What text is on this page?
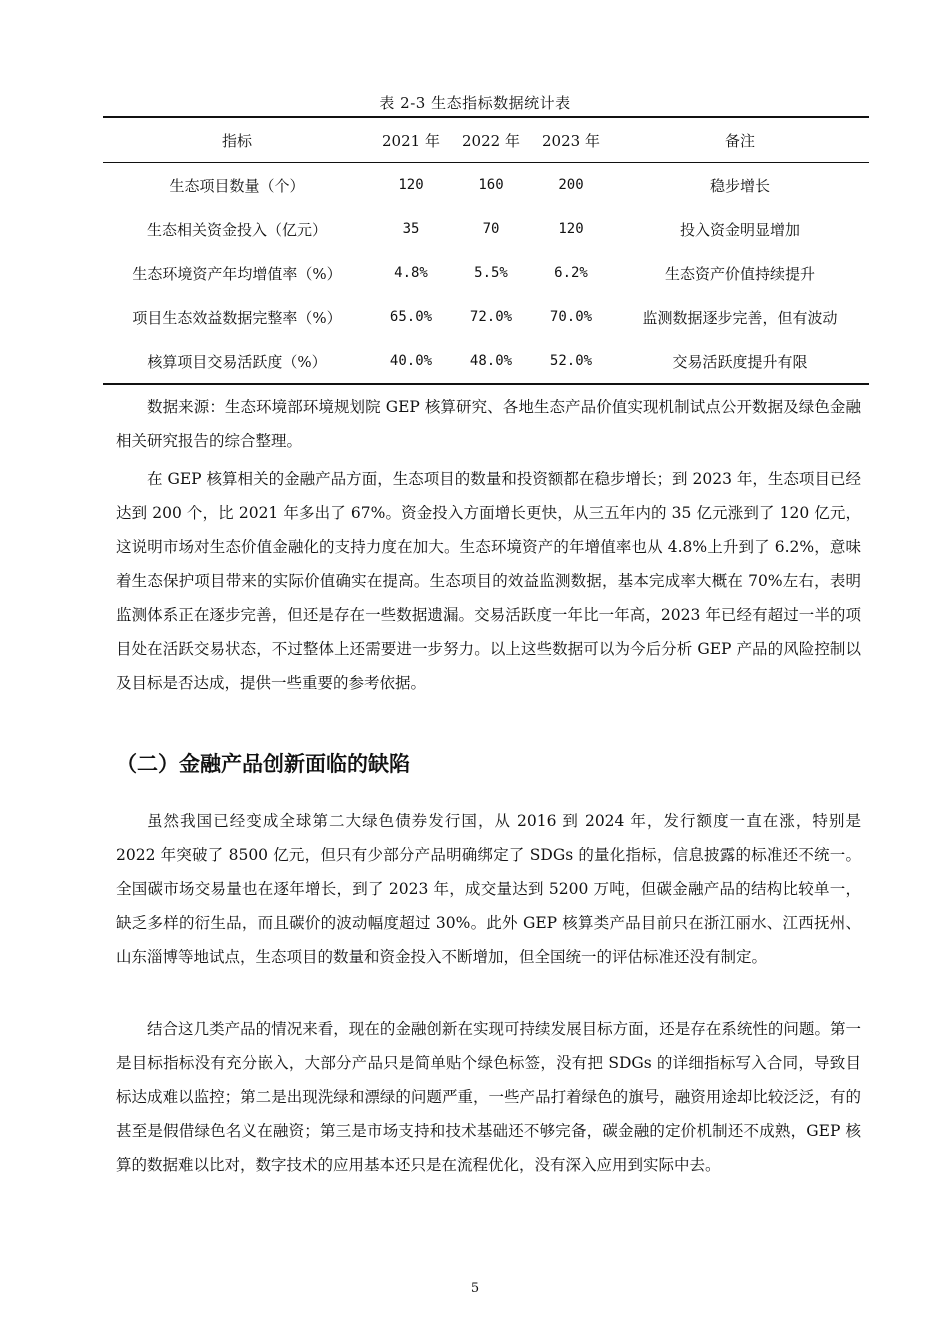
表 2-3 生态指标数据统计表
指标	2021 年	2022 年	2023 年	备注
生态项目数量（个）	120	160	200	稳步增长
生态相关资金投入（亿元）	35	70	120	投入资金明显增加
生态环境资产年均增值率（%）	4.8%	5.5%	6.2%	生态资产价值持续提升
项目生态效益数据完整率（%）	65.0%	72.0%	70.0%	监测数据逐步完善，但有波动
核算项目交易活跃度（%）	40.0%	48.0%	52.0%	交易活跃度提升有限

数据来源：生态环境部环境规划院 GEP 核算研究、各地生态产品价值实现机制试点公开数据及绿色金融相关研究报告的综合整理。

在 GEP 核算相关的金融产品方面，生态项目的数量和投资额都在稳步增长；到 2023 年，生态项目已经达到 200 个，比 2021 年多出了 67%。资金投入方面增长更快，从三五年内的 35 亿元涨到了 120 亿元，这说明市场对生态价值金融化的支持力度在加大。生态环境资产的年增值率也从 4.8%上升到了 6.2%，意味着生态保护项目带来的实际价值确实在提高。生态项目的效益监测数据，基本完成率大概在 70%左右，表明监测体系正在逐步完善，但还是存在一些数据遗漏。交易活跃度一年比一年高，2023 年已经有超过一半的项目处在活跃交易状态，不过整体上还需要进一步努力。以上这些数据可以为今后分析 GEP 产品的风险控制以及目标是否达成，提供一些重要的参考依据。

（二）金融产品创新面临的缺陷

虽然我国已经变成全球第二大绿色债券发行国，从 2016 到 2024 年，发行额度一直在涨，特别是 2022 年突破了 8500 亿元，但只有少部分产品明确绑定了 SDGs 的量化指标，信息披露的标准还不统一。全国碳市场交易量也在逐年增长，到了 2023 年，成交量达到 5200 万吨，但碳金融产品的结构比较单一，缺乏多样的衍生品，而且碳价的波动幅度超过 30%。此外 GEP 核算类产品目前只在浙江丽水、江西抚州、山东淄博等地试点，生态项目的数量和资金投入不断增加，但全国统一的评估标准还没有制定。

结合这几类产品的情况来看，现在的金融创新在实现可持续发展目标方面，还是存在系统性的问题。第一是目标指标没有充分嵌入，大部分产品只是简单贴个绿色标签，没有把 SDGs 的详细指标写入合同，导致目标达成难以监控；第二是出现洗绿和漂绿的问题严重，一些产品打着绿色的旗号，融资用途却比较泛泛，有的甚至是假借绿色名义在融资；第三是市场支持和技术基础还不够完备，碳金融的定价机制还不成熟，GEP 核算的数据难以比对，数字技术的应用基本还只是在流程优化，没有深入应用到实际中去。

5
